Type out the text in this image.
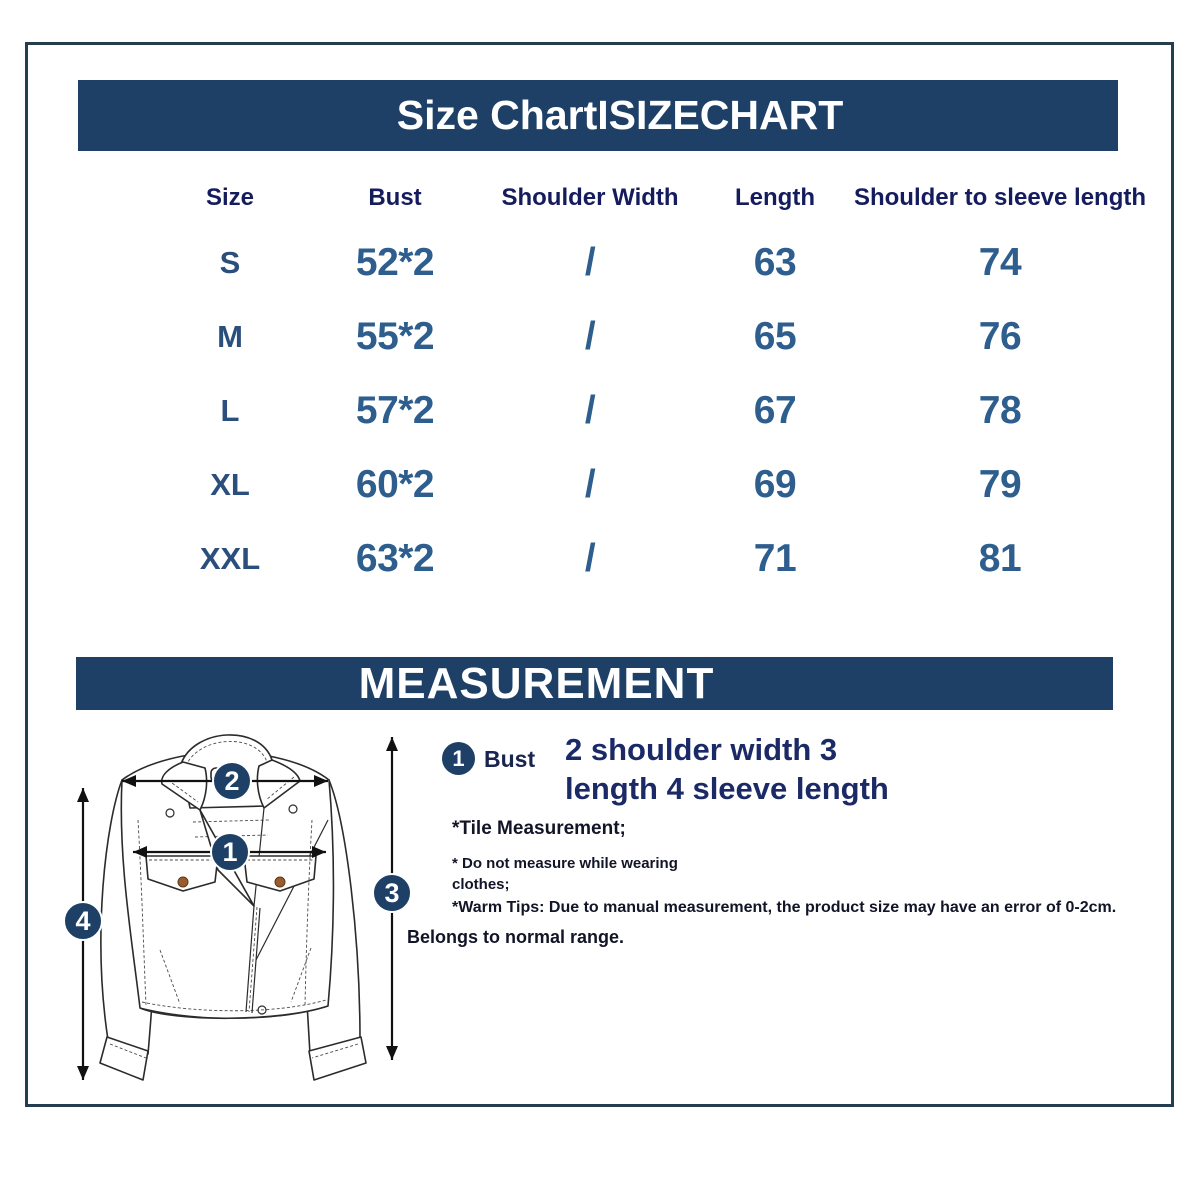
Size ChartISIZECHART
Size	Bust	Shoulder Width	Length	Shoulder to sleeve length
S	52*2	/	63	74
M	55*2	/	65	76
L	57*2	/	67	78
XL	60*2	/	69	79
XXL	63*2	/	71	81
MEASUREMENT
1
2
3
4
1 Bust 2 shoulder width 3
length 4 sleeve length
*Tile Measurement;
* Do not measure while wearing
clothes;
*Warm Tips: Due to manual measurement, the product size may have an error of 0-2cm.
Belongs to normal range.
